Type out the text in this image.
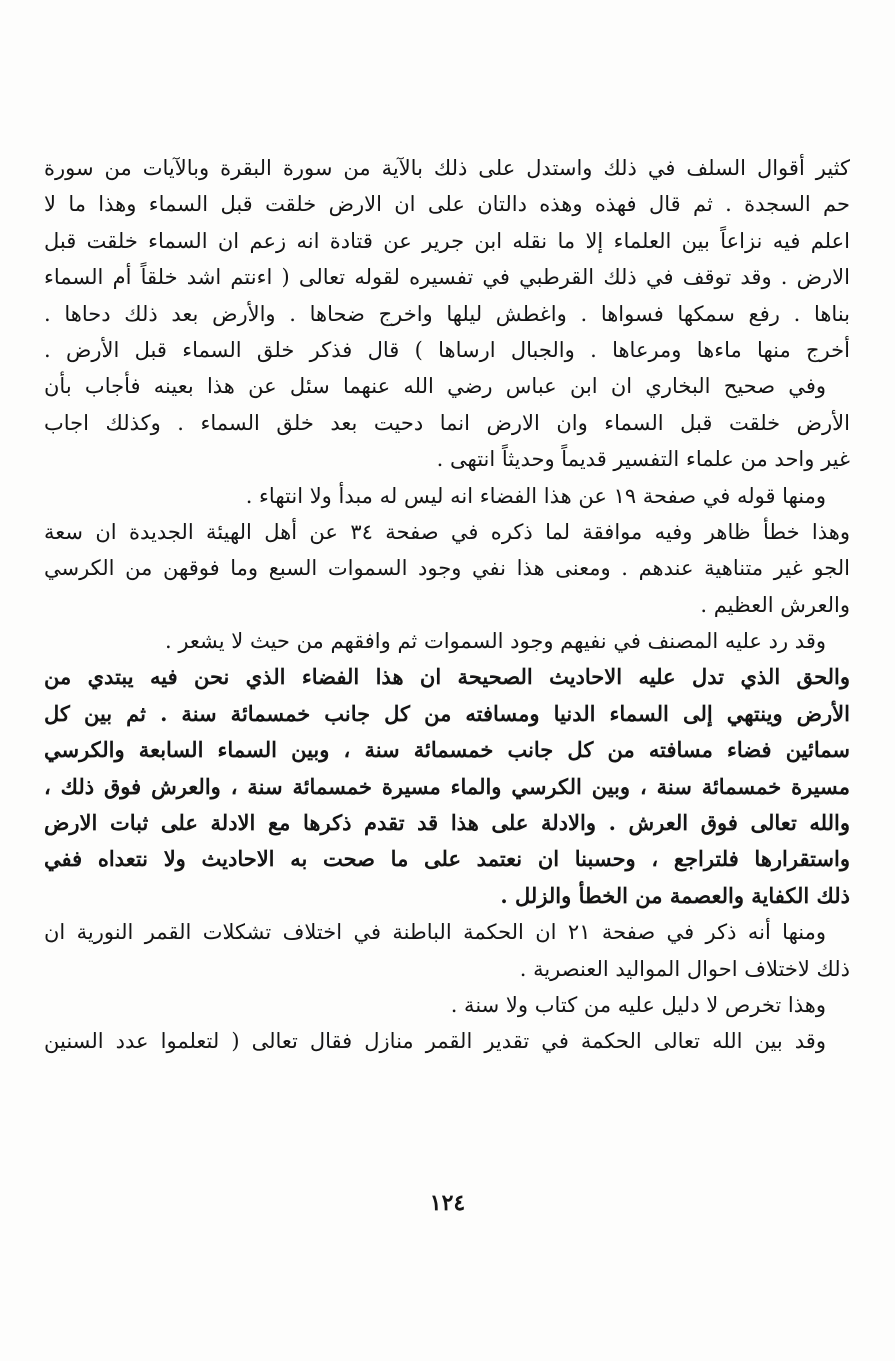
كثير أقوال السلف في ذلك واستدل على ذلك بالآية من سورة البقرة وبالآيات من سورة
حم السجدة . ثم قال فهذه وهذه دالتان على ان الارض خلقت قبل السماء وهذا ما لا
اعلم فيه نزاعاً بين العلماء إلا ما نقله ابن جرير عن قتادة انه زعم ان السماء خلقت قبل
الارض . وقد توقف في ذلك القرطبي في تفسيره لقوله تعالى ( اءنتم اشد خلقاً أم السماء
بناها . رفع سمكها فسواها . واغطش ليلها واخرج ضحاها . والأرض بعد ذلك دحاها .
أخرج منها ماءها ومرعاها . والجبال ارساها ) قال فذكر خلق السماء قبل الأرض .
وفي صحيح البخاري ان ابن عباس رضي الله عنهما سئل عن هذا بعينه فأجاب بأن
الأرض خلقت قبل السماء وان الارض انما دحيت بعد خلق السماء . وكذلك اجاب
غير واحد من علماء التفسير قديماً وحديثاً انتهى .
ومنها قوله في صفحة ١٩ عن هذا الفضاء انه ليس له مبدأ ولا انتهاء .
وهذا خطأ ظاهر وفيه موافقة لما ذكره في صفحة ٣٤ عن أهل الهيئة الجديدة ان سعة
الجو غير متناهية عندهم . ومعنى هذا نفي وجود السموات السبع وما فوقهن من الكرسي
والعرش العظيم .
وقد رد عليه المصنف في نفيهم وجود السموات ثم وافقهم من حيث لا يشعر .
والحق الذي تدل عليه الاحاديث الصحيحة ان هذا الفضاء الذي نحن فيه يبتدي من
الأرض وينتهي إلى السماء الدنيا ومسافته من كل جانب خمسمائة سنة . ثم بين كل
سمائين فضاء مسافته من كل جانب خمسمائة سنة ، وبين السماء السابعة والكرسي
مسيرة خمسمائة سنة ، وبين الكرسي والماء مسيرة خمسمائة سنة ، والعرش فوق ذلك ،
والله تعالى فوق العرش . والادلة على هذا قد تقدم ذكرها مع الادلة على ثبات الارض
واستقرارها فلتراجع ، وحسبنا ان نعتمد على ما صحت به الاحاديث ولا نتعداه ففي
ذلك الكفاية والعصمة من الخطأ والزلل .
ومنها أنه ذكر في صفحة ٢١ ان الحكمة الباطنة في اختلاف تشكلات القمر النورية ان
ذلك لاختلاف احوال المواليد العنصرية .
وهذا تخرص لا دليل عليه من كتاب ولا سنة .
وقد بين الله تعالى الحكمة في تقدير القمر منازل فقال تعالى ( لتعلموا عدد السنين
١٢٤
